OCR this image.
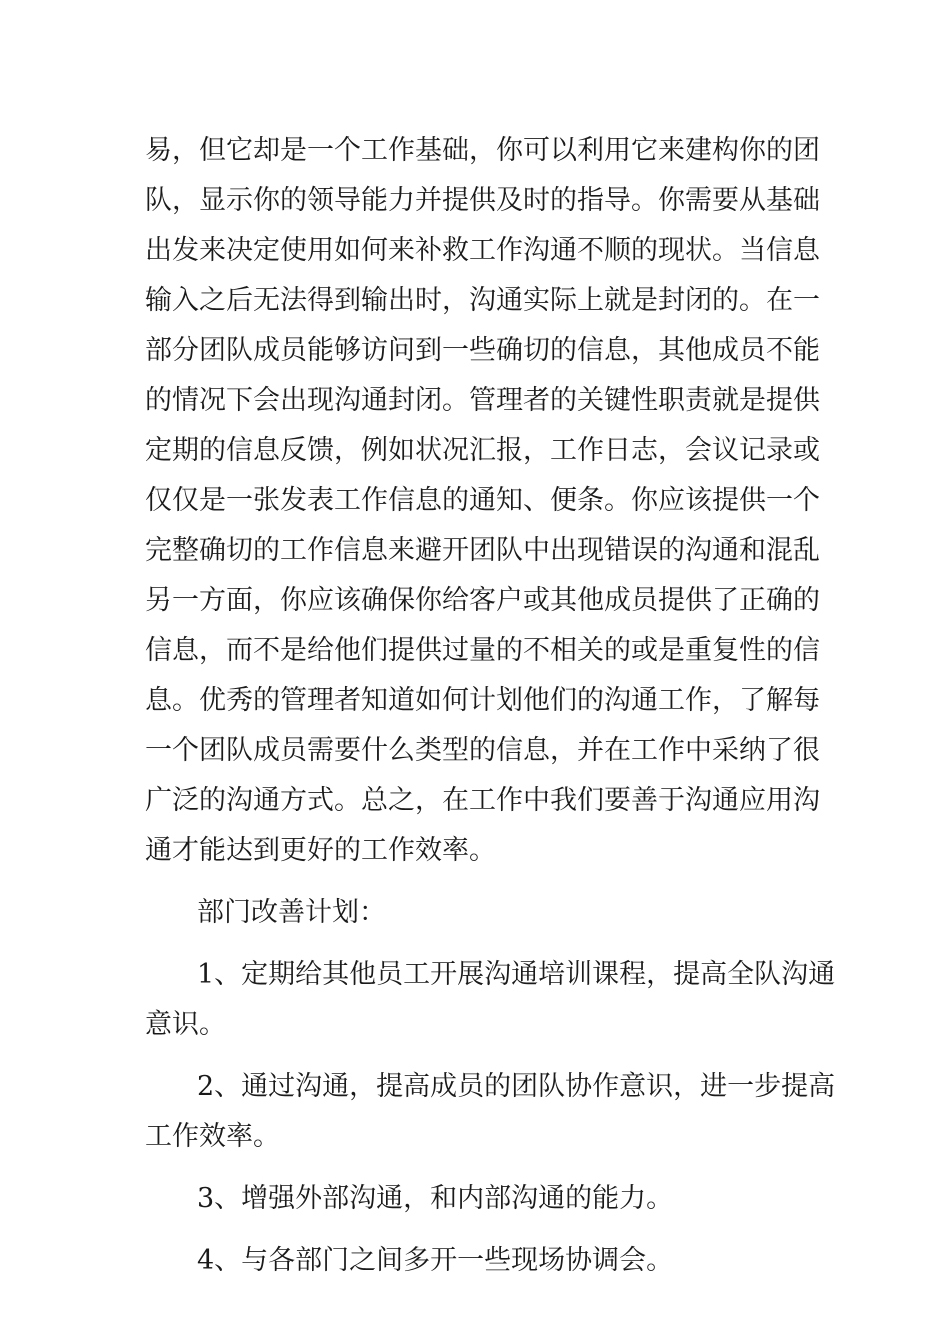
易，但它却是一个工作基础，你可以利用它来建构你的团
队，显示你的领导能力并提供及时的指导。你需要从基础
出发来决定使用如何来补救工作沟通不顺的现状。当信息
输入之后无法得到输出时，沟通实际上就是封闭的。在一
部分团队成员能够访问到一些确切的信息，其他成员不能
的情况下会出现沟通封闭。管理者的关键性职责就是提供
定期的信息反馈，例如状况汇报，工作日志，会议记录或
仅仅是一张发表工作信息的通知、便条。你应该提供一个
完整确切的工作信息来避开团队中出现错误的沟通和混乱
另一方面，你应该确保你给客户或其他成员提供了正确的
信息，而不是给他们提供过量的不相关的或是重复性的信
息。优秀的管理者知道如何计划他们的沟通工作，了解每
一个团队成员需要什么类型的信息，并在工作中采纳了很
广泛的沟通方式。总之，在工作中我们要善于沟通应用沟
通才能达到更好的工作效率。
部门改善计划：
1、定期给其他员工开展沟通培训课程，提高全队沟通
意识。
2、通过沟通，提高成员的团队协作意识，进一步提高
工作效率。
3、增强外部沟通，和内部沟通的能力。
4、与各部门之间多开一些现场协调会。
